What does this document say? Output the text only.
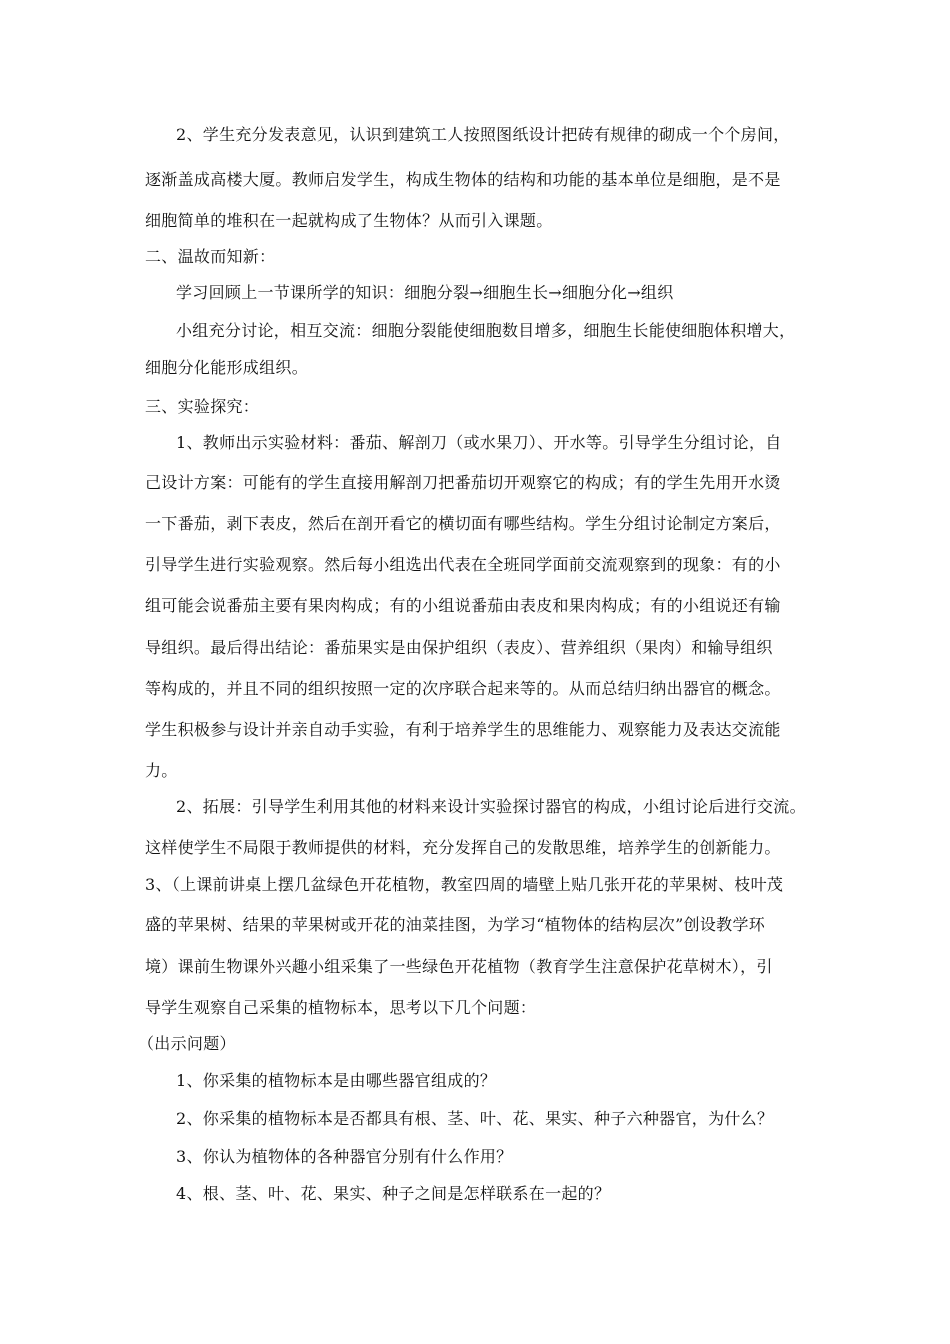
2、学生充分发表意见，认识到建筑工人按照图纸设计把砖有规律的砌成一个个房间，
逐渐盖成高楼大厦。教师启发学生，构成生物体的结构和功能的基本单位是细胞，是不是
细胞简单的堆积在一起就构成了生物体？从而引入课题。
二、温故而知新：
学习回顾上一节课所学的知识：细胞分裂→细胞生长→细胞分化→组织
小组充分讨论，相互交流：细胞分裂能使细胞数目增多，细胞生长能使细胞体积增大，
细胞分化能形成组织。
三、实验探究：
1、教师出示实验材料：番茄、解剖刀（或水果刀）、开水等。引导学生分组讨论，自
己设计方案：可能有的学生直接用解剖刀把番茄切开观察它的构成；有的学生先用开水烫
一下番茄，剥下表皮，然后在剖开看它的横切面有哪些结构。学生分组讨论制定方案后，
引导学生进行实验观察。然后每小组选出代表在全班同学面前交流观察到的现象：有的小
组可能会说番茄主要有果肉构成；有的小组说番茄由表皮和果肉构成；有的小组说还有输
导组织。最后得出结论：番茄果实是由保护组织（表皮）、营养组织（果肉）和输导组织
等构成的，并且不同的组织按照一定的次序联合起来等的。从而总结归纳出器官的概念。
学生积极参与设计并亲自动手实验，有利于培养学生的思维能力、观察能力及表达交流能
力。
2、拓展：引导学生利用其他的材料来设计实验探讨器官的构成，小组讨论后进行交流。
这样使学生不局限于教师提供的材料，充分发挥自己的发散思维，培养学生的创新能力。
3、（上课前讲桌上摆几盆绿色开花植物，教室四周的墙壁上贴几张开花的苹果树、枝叶茂
盛的苹果树、结果的苹果树或开花的油菜挂图，为学习“植物体的结构层次”创设教学环
境）课前生物课外兴趣小组采集了一些绿色开花植物（教育学生注意保护花草树木），引
导学生观察自己采集的植物标本，思考以下几个问题：
（出示问题）
1、你采集的植物标本是由哪些器官组成的？
2、你采集的植物标本是否都具有根、茎、叶、花、果实、种子六种器官，为什么？
3、你认为植物体的各种器官分别有什么作用？
4、根、茎、叶、花、果实、种子之间是怎样联系在一起的？
